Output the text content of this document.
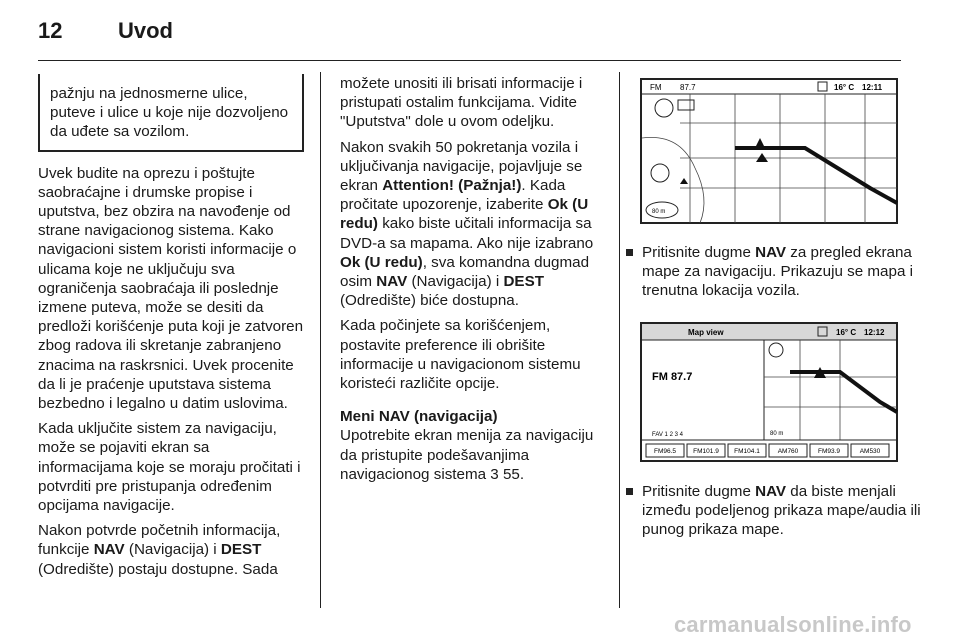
12	Uvod
pažnju na jednosmerne ulice, puteve i ulice u koje nije dozvoljeno da uđete sa vozilom.

Uvek budite na oprezu i poštujte saobraćajne i drumske propise i uputstva, bez obzira na navođenje od strane navigacionog sistema. Kako navigacioni sistem koristi informacije o ulicama koje ne uključuju sva ograničenja saobraćaja ili poslednje izmene puteva, može se desiti da predloži korišćenje puta koji je zatvoren zbog radova ili skretanje zabranjeno znacima na raskrsnici. Uvek procenite da li je praćenje uputstava sistema bezbedno i legalno u datim uslovima.

Kada uključite sistem za navigaciju, može se pojaviti ekran sa informacijama koje se moraju pročitati i potvrditi pre pristupanja određenim opcijama navigacije.

Nakon potvrde početnih informacija, funkcije NAV (Navigacija) i DEST (Odredište) postaju dostupne. Sada

možete unositi ili brisati informacije i pristupati ostalim funkcijama. Vidite "Uputstva" dole u ovom odeljku.

Nakon svakih 50 pokretanja vozila i uključivanja navigacije, pojavljuje se ekran Attention! (Pažnja!). Kada pročitate upozorenje, izaberite Ok (U redu) kako biste učitali informacija sa DVD-a sa mapama. Ako nije izabrano Ok (U redu), sva komandna dugmad osim NAV (Navigacija) i DEST (Odredište) biće dostupna.

Kada počinjete sa korišćenjem, postavite preference ili obrišite informacije u navigacionom sistemu koristeći različite opcije.

Meni NAV (navigacija)

Upotrebite ekran menija za navigaciju da pristupite podešavanjima navigacionog sistema 3 55.

FM 87.7	16° C 12:11
80 m
Pritisnite dugme NAV za pregled ekrana mape za navigaciju. Prikazuju se mapa i trenutna lokacija vozila.
Map view	16° C 12:12
FM 87.7
80 m
FAV 1 2 3 4
FM96.5	FM101.9 FM104.1	AM760	FM93.9	AM530
Pritisnite dugme NAV da biste menjali između podeljenog prikaza mape/audia ili punog prikaza mape.
carmanualsonline.info
